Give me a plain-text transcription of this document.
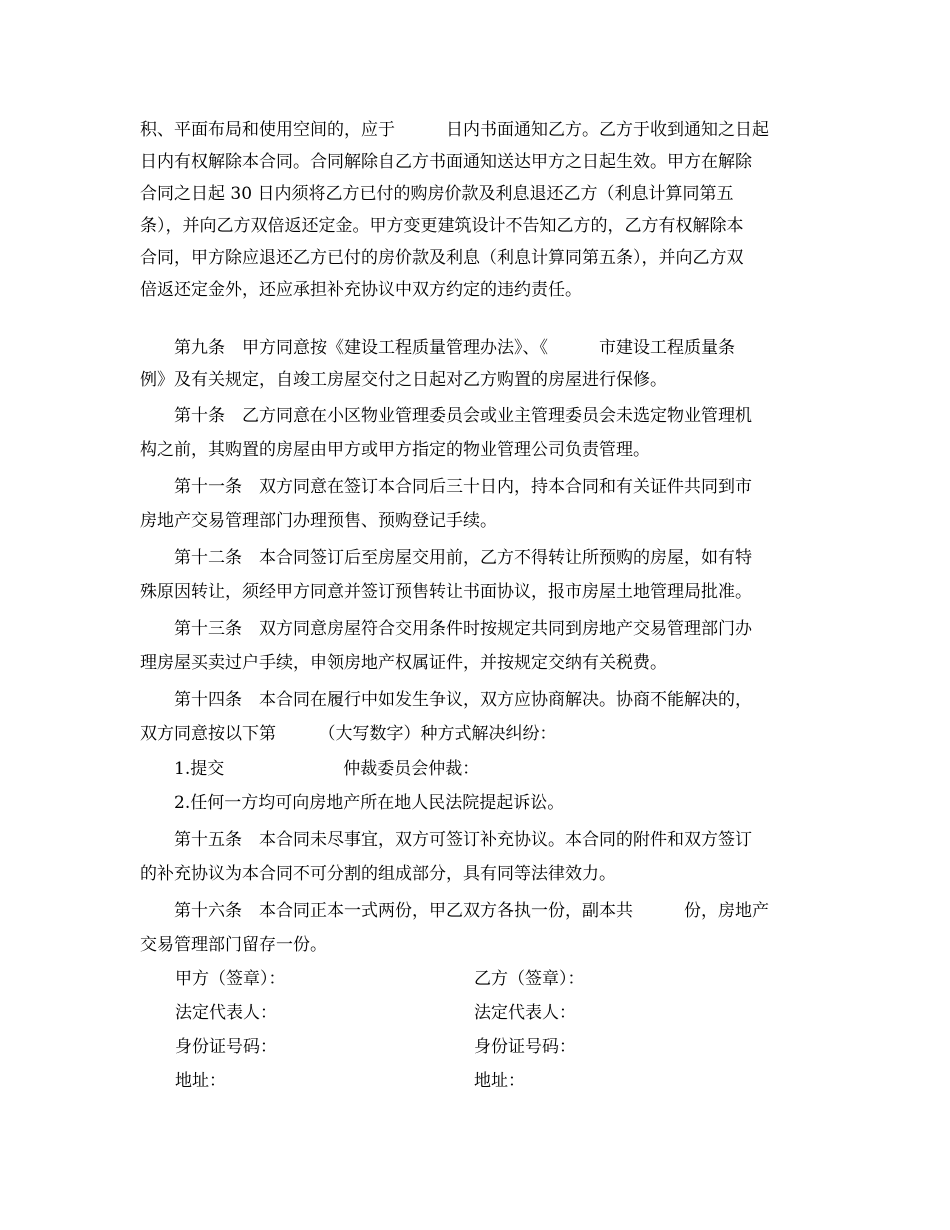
积、平面布局和使用空间的，应于　　　日内书面通知乙方。乙方于收到通知之日起
日内有权解除本合同。合同解除自乙方书面通知送达甲方之日起生效。甲方在解除
合同之日起 30 日内须将乙方已付的购房价款及利息退还乙方（利息计算同第五
条），并向乙方双倍返还定金。甲方变更建筑设计不告知乙方的，乙方有权解除本
合同，甲方除应退还乙方已付的房价款及利息（利息计算同第五条），并向乙方双
倍返还定金外，还应承担补充协议中双方约定的违约责任。
　　第九条　甲方同意按《建设工程质量管理办法》、《　　　市建设工程质量条
例》及有关规定，自竣工房屋交付之日起对乙方购置的房屋进行保修。
　　第十条　乙方同意在小区物业管理委员会或业主管理委员会未选定物业管理机
构之前，其购置的房屋由甲方或甲方指定的物业管理公司负责管理。
　　第十一条　双方同意在签订本合同后三十日内，持本合同和有关证件共同到市
房地产交易管理部门办理预售、预购登记手续。
　　第十二条　本合同签订后至房屋交用前，乙方不得转让所预购的房屋，如有特
殊原因转让，须经甲方同意并签订预售转让书面协议，报市房屋土地管理局批准。
　　第十三条　双方同意房屋符合交用条件时按规定共同到房地产交易管理部门办
理房屋买卖过户手续，申领房地产权属证件，并按规定交纳有关税费。
　　第十四条　本合同在履行中如发生争议，双方应协商解决。协商不能解决的，
双方同意按以下第　　　（大写数字）种方式解决纠纷：
　　1.提交　　　　　　　仲裁委员会仲裁：
　　2.任何一方均可向房地产所在地人民法院提起诉讼。
　　第十五条　本合同未尽事宜，双方可签订补充协议。本合同的附件和双方签订
的补充协议为本合同不可分割的组成部分，具有同等法律效力。
　　第十六条　本合同正本一式两份，甲乙双方各执一份，副本共　　　份，房地产
交易管理部门留存一份。
甲方（签章）：
法定代表人：
身份证号码：
地址：
乙方（签章）：
法定代表人：
身份证号码：
地址：
